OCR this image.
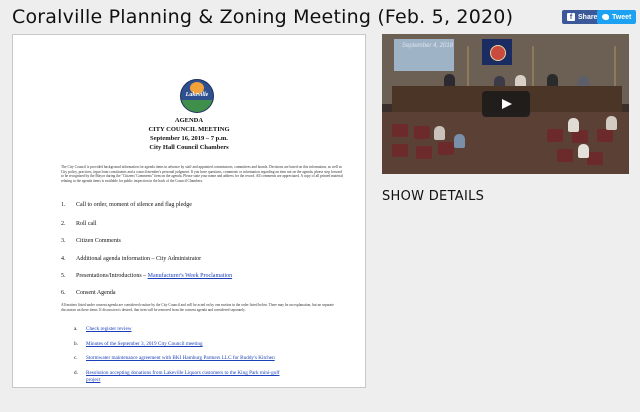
Coralville Planning & Zoning Meeting (Feb. 5, 2020)	f Share Tweet
Lakeville
AGENDA
CITY COUNCIL MEETING
September 16, 2019 – 7 p.m.
City Hall Council Chambers
The City Council is provided background information for agenda items in advance by staff and appointed commissions, committees and boards. Decisions are based on this information, as well as City policy, practices, input from constituents and a council member's personal judgment. If you have questions, comments or information regarding an item not on the agenda, please step forward to be recognized by the Mayor during the "Citizens' Comments" item on the agenda. Please state your name and address for the record. All comments are appreciated. A copy of all printed material relating to the agenda items is available for public inspection in the back of the Council Chambers.
1. Call to order, moment of silence and flag pledge
2. Roll call
3. Citizen Comments
4. Additional agenda information – City Administrator
5. Presentations/Introductions – Manufacturer's Week Proclamation
6. Consent Agenda
All matters listed under consent agenda are considered routine by the City Council and will be acted on by one motion in the order listed below. There may be an explanation, but no separate discussion on these items. If discussion is desired, that item will be removed from the consent agenda and considered separately.
a. Check register review
b. Minutes of the September 3, 2019 City Council meeting
c. Stormwater maintenance agreement with BKI Hamburg Partners LLC for Buddy's Kitchen
d. Resolution accepting donations from Lakeville Liquors customers to the King Park mini-golf
project
September 4, 2018
SHOW DETAILS
